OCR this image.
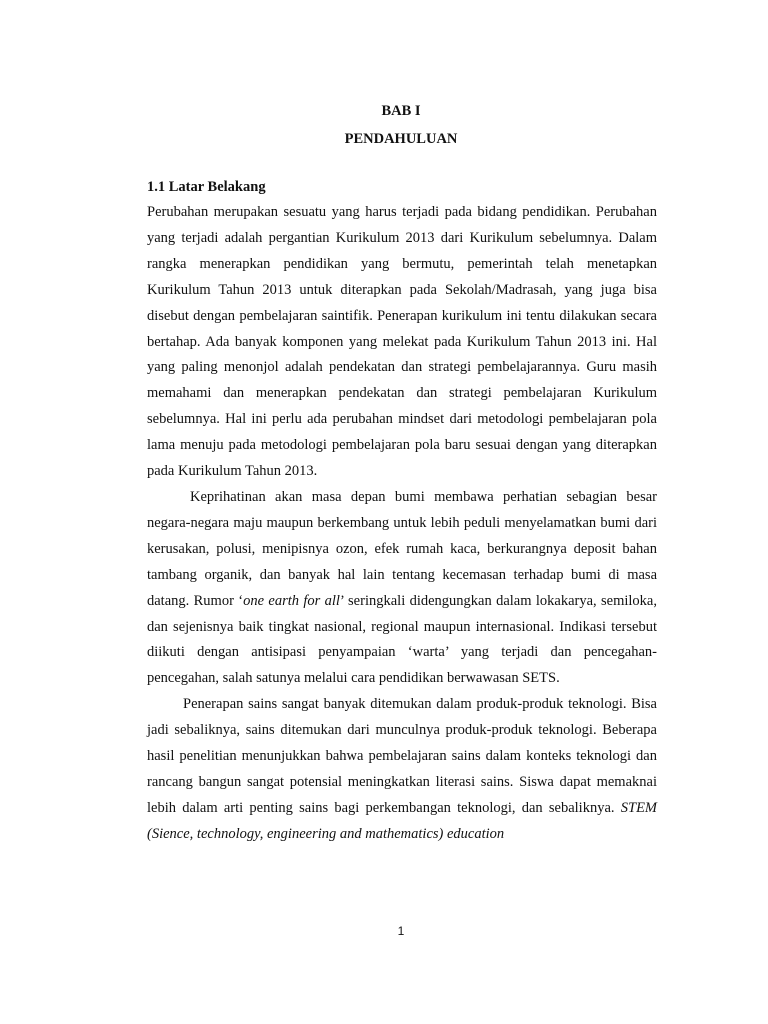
BAB I
PENDAHULUAN
1.1 Latar Belakang

Perubahan merupakan sesuatu yang harus terjadi pada bidang pendidikan. Perubahan yang terjadi adalah pergantian Kurikulum 2013 dari Kurikulum sebelumnya. Dalam rangka menerapkan pendidikan yang bermutu, pemerintah telah menetapkan Kurikulum Tahun 2013 untuk diterapkan pada Sekolah/Madrasah, yang juga bisa disebut dengan pembelajaran saintifik. Penerapan kurikulum ini tentu dilakukan secara bertahap. Ada banyak komponen yang melekat pada Kurikulum Tahun 2013 ini. Hal yang paling menonjol adalah pendekatan dan strategi pembelajarannya. Guru masih memahami dan menerapkan pendekatan dan strategi pembelajaran Kurikulum sebelumnya. Hal ini perlu ada perubahan mindset dari metodologi pembelajaran pola lama menuju pada metodologi pembelajaran pola baru sesuai dengan yang diterapkan pada Kurikulum Tahun 2013.

Keprihatinan akan masa depan bumi membawa perhatian sebagian besar negara-negara maju maupun berkembang untuk lebih peduli menyelamatkan bumi dari kerusakan, polusi, menipisnya ozon, efek rumah kaca, berkurangnya deposit bahan tambang organik, dan banyak hal lain tentang kecemasan terhadap bumi di masa datang. Rumor ‘one earth for all’ seringkali didengungkan dalam lokakarya, semiloka, dan sejenisnya baik tingkat nasional, regional maupun internasional. Indikasi tersebut diikuti dengan antisipasi penyampaian ‘warta’ yang terjadi dan pencegahan-pencegahan, salah satunya melalui cara pendidikan berwawasan SETS.

Penerapan sains sangat banyak ditemukan dalam produk-produk teknologi. Bisa jadi sebaliknya, sains ditemukan dari munculnya produk-produk teknologi. Beberapa hasil penelitian menunjukkan bahwa pembelajaran sains dalam konteks teknologi dan rancang bangun sangat potensial meningkatkan literasi sains. Siswa dapat memaknai lebih dalam arti penting sains bagi perkembangan teknologi, dan sebaliknya. STEM (Sience, technology, engineering and mathematics) education

1
